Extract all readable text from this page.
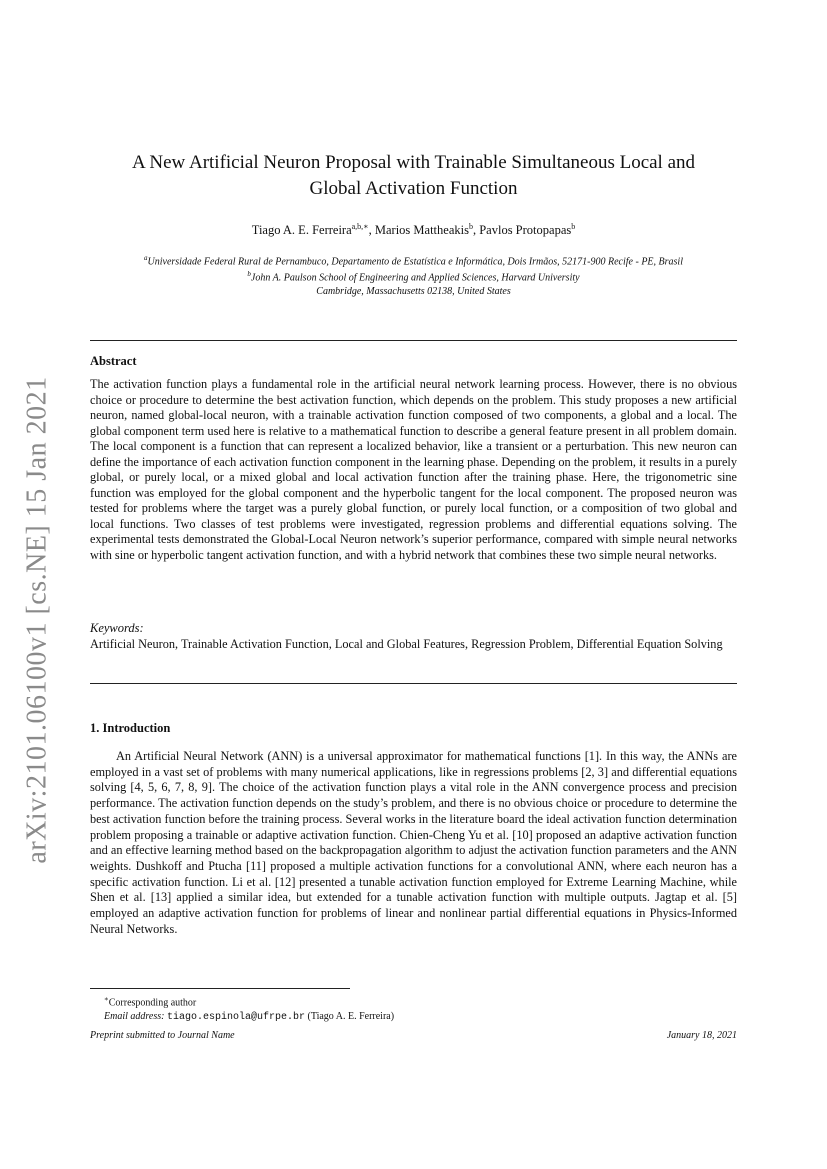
arXiv:2101.06100v1 [cs.NE] 15 Jan 2021
A New Artificial Neuron Proposal with Trainable Simultaneous Local and
Global Activation Function
Tiago A. E. Ferreira$^{a,b,∗}$, Marios Mattheakis$^b$, Pavlos Protopapas$^b$
$^a$Universidade Federal Rural de Pernambuco, Departamento de Estatística e Informática, Dois Irmãos, 52171-900 Recife - PE, Brasil
$^b$John A. Paulson School of Engineering and Applied Sciences, Harvard University
Cambridge, Massachusetts 02138, United States
Abstract
The activation function plays a fundamental role in the artificial neural network learning process. However, there is no obvious choice or procedure to determine the best activation function, which depends on the problem. This study proposes a new artificial neuron, named global-local neuron, with a trainable activation function composed of two components, a global and a local. The global component term used here is relative to a mathematical function to describe a general feature present in all problem domain. The local component is a function that can represent a localized behavior, like a transient or a perturbation. This new neuron can define the importance of each activation function component in the learning phase. Depending on the problem, it results in a purely global, or purely local, or a mixed global and local activation function after the training phase. Here, the trigonometric sine function was employed for the global component and the hyperbolic tangent for the local component. The proposed neuron was tested for problems where the target was a purely global function, or purely local function, or a composition of two global and local functions. Two classes of test problems were investigated, regression problems and differential equations solving. The experimental tests demonstrated the Global-Local Neuron network’s superior performance, compared with simple neural networks with sine or hyperbolic tangent activation function, and with a hybrid network that combines these two simple neural networks.
Keywords:
Artificial Neuron, Trainable Activation Function, Local and Global Features, Regression Problem, Differential Equation Solving
1. Introduction
An Artificial Neural Network (ANN) is a universal approximator for mathematical functions [1]. In this way, the ANNs are employed in a vast set of problems with many numerical applications, like in regressions problems [2, 3] and differential equations solving [4, 5, 6, 7, 8, 9]. The choice of the activation function plays a vital role in the ANN convergence process and precision performance. The activation function depends on the study’s problem, and there is no obvious choice or procedure to determine the best activation function before the training process. Several works in the literature board the ideal activation function determination problem proposing a trainable or adaptive activation function. Chien-Cheng Yu et al. [10] proposed an adaptive activation function and an effective learning method based on the backpropagation algorithm to adjust the activation function parameters and the ANN weights. Dushkoff and Ptucha [11] proposed a multiple activation functions for a convolutional ANN, where each neuron has a specific activation function. Li et al. [12] presented a tunable activation function employed for Extreme Learning Machine, while Shen et al. [13] applied a similar idea, but extended for a tunable activation function with multiple outputs. Jagtap et al. [5] employed an adaptive activation function for problems of linear and nonlinear partial differential equations in Physics-Informed Neural Networks.
∗Corresponding author
Email address: tiago.espinola@ufrpe.br (Tiago A. E. Ferreira)
Preprint submitted to Journal Name	January 18, 2021
